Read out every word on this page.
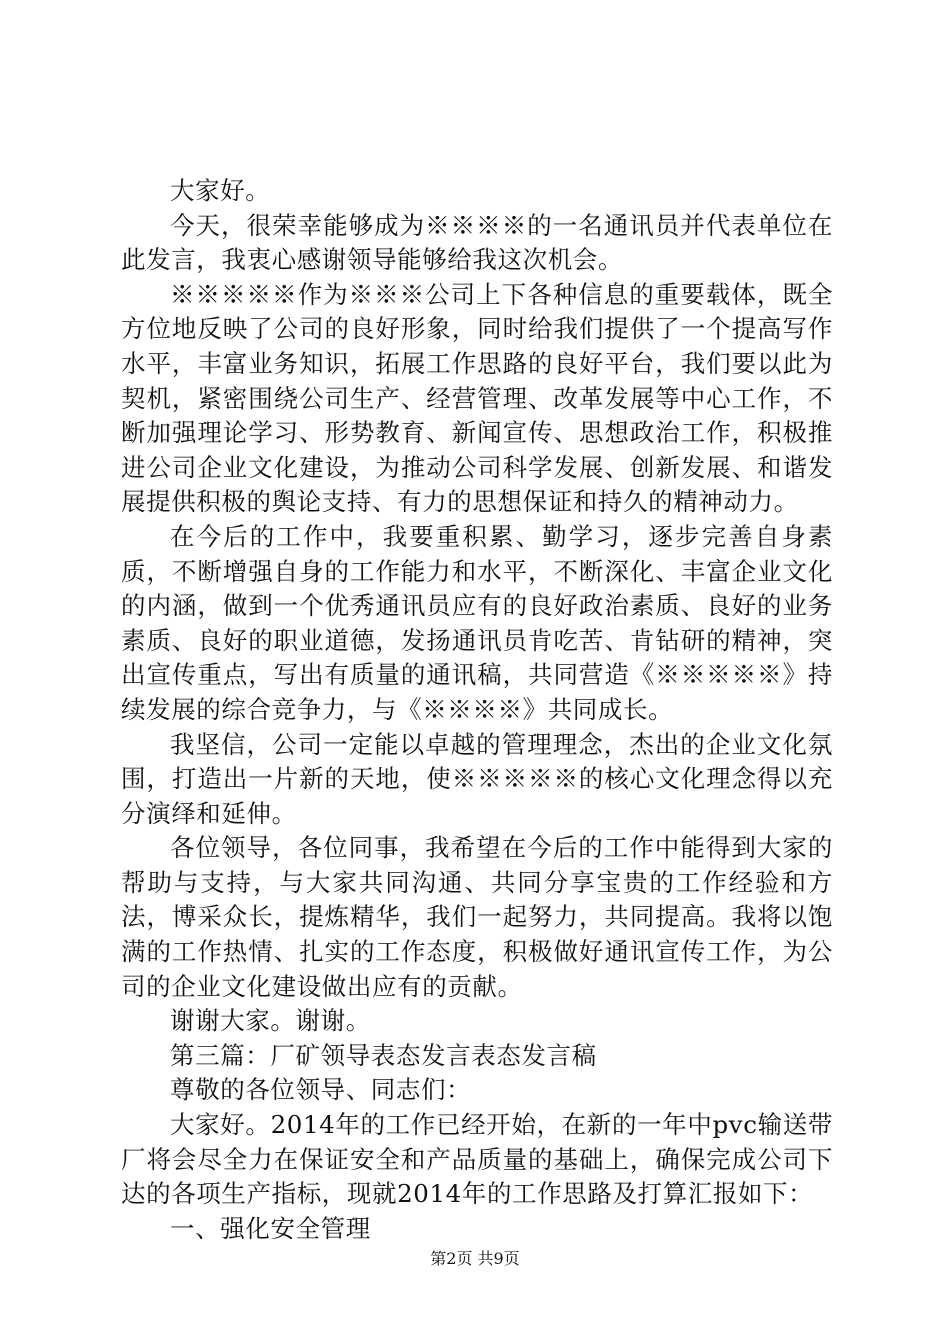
大家好。

今天，很荣幸能够成为※※※※的一名通讯员并代表单位在此发言，我衷心感谢领导能够给我这次机会。

※※※※※作为※※※公司上下各种信息的重要载体，既全方位地反映了公司的良好形象，同时给我们提供了一个提高写作水平，丰富业务知识，拓展工作思路的良好平台，我们要以此为契机，紧密围绕公司生产、经营管理、改革发展等中心工作，不断加强理论学习、形势教育、新闻宣传、思想政治工作，积极推进公司企业文化建设，为推动公司科学发展、创新发展、和谐发展提供积极的舆论支持、有力的思想保证和持久的精神动力。

在今后的工作中，我要重积累、勤学习，逐步完善自身素质，不断增强自身的工作能力和水平，不断深化、丰富企业文化的内涵，做到一个优秀通讯员应有的良好政治素质、良好的业务素质、良好的职业道德，发扬通讯员肯吃苦、肯钻研的精神，突出宣传重点，写出有质量的通讯稿，共同营造《※※※※※》持续发展的综合竞争力，与《※※※※》共同成长。

我坚信，公司一定能以卓越的管理理念，杰出的企业文化氛围，打造出一片新的天地，使※※※※※的核心文化理念得以充分演绎和延伸。

各位领导，各位同事，我希望在今后的工作中能得到大家的帮助与支持，与大家共同沟通、共同分享宝贵的工作经验和方法，博采众长，提炼精华，我们一起努力，共同提高。我将以饱满的工作热情、扎实的工作态度，积极做好通讯宣传工作，为公司的企业文化建设做出应有的贡献。

谢谢大家。谢谢。

第三篇：厂矿领导表态发言表态发言稿

尊敬的各位领导、同志们：

大家好。2014年的工作已经开始，在新的一年中pvc输送带厂将会尽全力在保证安全和产品质量的基础上，确保完成公司下达的各项生产指标，现就2014年的工作思路及打算汇报如下：

一、强化安全管理

第2页 共9页
